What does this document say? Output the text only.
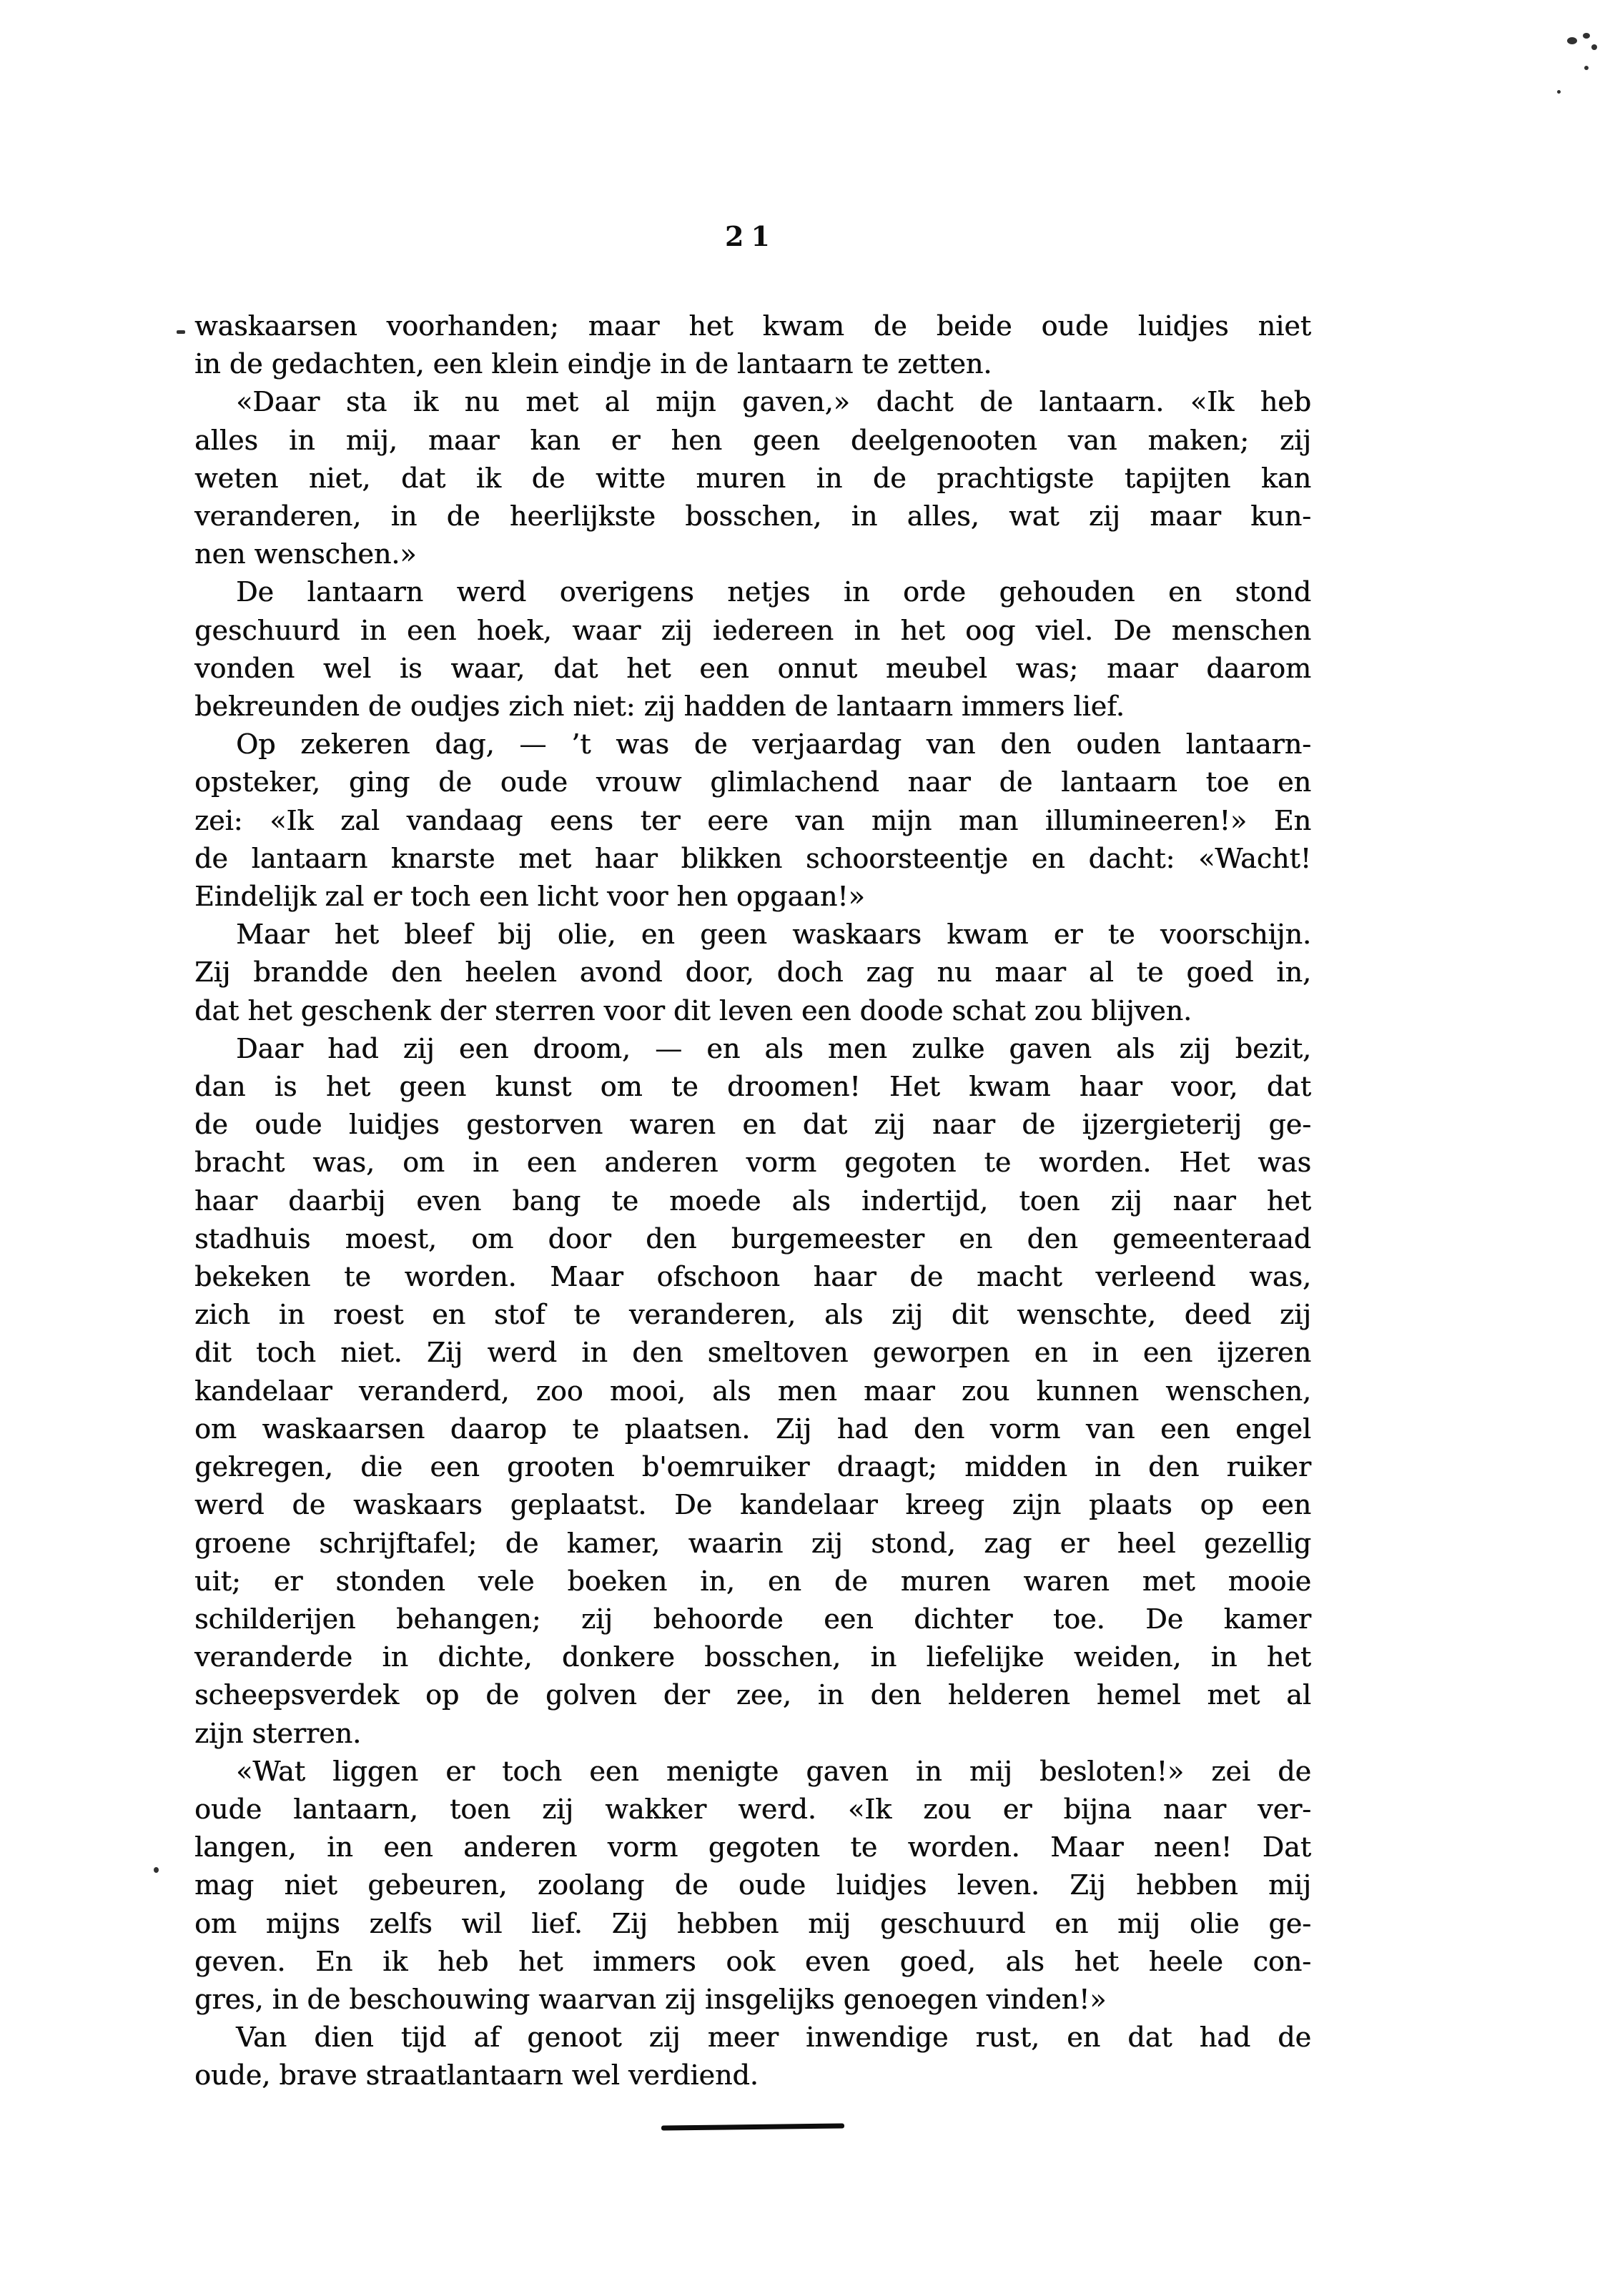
21
waskaarsen voorhanden; maar het kwam de beide oude luidjes niet
in de gedachten, een klein eindje in de lantaarn te zetten.
«Daar sta ik nu met al mijn gaven,» dacht de lantaarn. «Ik heb
alles in mij, maar kan er hen geen deelgenooten van maken; zij
weten niet, dat ik de witte muren in de prachtigste tapijten kan
veranderen, in de heerlijkste bosschen, in alles, wat zij maar kun-
nen wenschen.»
De lantaarn werd overigens netjes in orde gehouden en stond
geschuurd in een hoek, waar zij iedereen in het oog viel. De menschen
vonden wel is waar, dat het een onnut meubel was; maar daarom
bekreunden de oudjes zich niet: zij hadden de lantaarn immers lief.
Op zekeren dag, — ’t was de verjaardag van den ouden lantaarn-
opsteker, ging de oude vrouw glimlachend naar de lantaarn toe en
zei: «Ik zal vandaag eens ter eere van mijn man illumineeren!» En
de lantaarn knarste met haar blikken schoorsteentje en dacht: «Wacht!
Eindelijk zal er toch een licht voor hen opgaan!»
Maar het bleef bij olie, en geen waskaars kwam er te voorschijn.
Zij brandde den heelen avond door, doch zag nu maar al te goed in,
dat het geschenk der sterren voor dit leven een doode schat zou blijven.
Daar had zij een droom, — en als men zulke gaven als zij bezit,
dan is het geen kunst om te droomen! Het kwam haar voor, dat
de oude luidjes gestorven waren en dat zij naar de ijzergieterij ge-
bracht was, om in een anderen vorm gegoten te worden. Het was
haar daarbij even bang te moede als indertijd, toen zij naar het
stadhuis moest, om door den burgemeester en den gemeenteraad
bekeken te worden. Maar ofschoon haar de macht verleend was,
zich in roest en stof te veranderen, als zij dit wenschte, deed zij
dit toch niet. Zij werd in den smeltoven geworpen en in een ijzeren
kandelaar veranderd, zoo mooi, als men maar zou kunnen wenschen,
om waskaarsen daarop te plaatsen. Zij had den vorm van een engel
gekregen, die een grooten b'oemruiker draagt; midden in den ruiker
werd de waskaars geplaatst. De kandelaar kreeg zijn plaats op een
groene schrijftafel; de kamer, waarin zij stond, zag er heel gezellig
uit; er stonden vele boeken in, en de muren waren met mooie
schilderijen behangen; zij behoorde een dichter toe. De kamer
veranderde in dichte, donkere bosschen, in liefelijke weiden, in het
scheepsverdek op de golven der zee, in den helderen hemel met al
zijn sterren.
«Wat liggen er toch een menigte gaven in mij besloten!» zei de
oude lantaarn, toen zij wakker werd. «Ik zou er bijna naar ver-
langen, in een anderen vorm gegoten te worden. Maar neen! Dat
mag niet gebeuren, zoolang de oude luidjes leven. Zij hebben mij
om mijns zelfs wil lief. Zij hebben mij geschuurd en mij olie ge-
geven. En ik heb het immers ook even goed, als het heele con-
gres, in de beschouwing waarvan zij insgelijks genoegen vinden!»
Van dien tijd af genoot zij meer inwendige rust, en dat had de
oude, brave straatlantaarn wel verdiend.
